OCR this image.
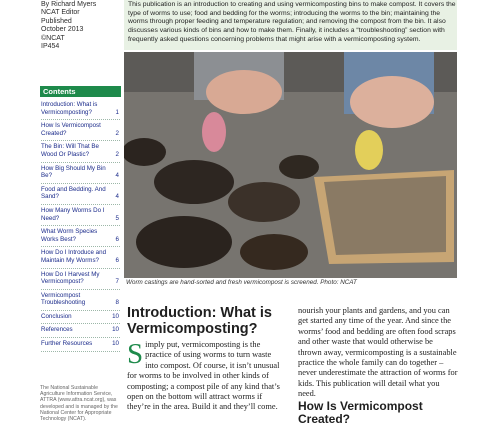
By Richard Myers
NCAT Editor
Published
October 2013
©NCAT
IP454
Contents
Introduction: What is Vermicomposting?	1
How Is Vermicompost Created?	2
The Bin: Will That Be Wood Or Plastic?	2
How Big Should My Bin Be?	4
Food and Bedding. And Sand?	4
How Many Worms Do I Need?	5
What Worm Species Works Best?	6
How Do I Introduce and Maintain My Worms?	6
How Do I Harvest My Vermicompost?	7
Vermicompost Troubleshooting	8
Conclusion	10
References	10
Further Resources	10
The National Sustainable Agriculture Information Service, ATTRA (www.attra.ncat.org), was developed and is managed by the National Center for Appropriate Technology (NCAT).

This publication is an introduction to creating and using vermicomposting bins to make compost. It covers the type of worms to use; food and bedding for the worms; introducing the worms to the bin; maintaining the worms through proper feeding and temperature regulation; and removing the compost from the bin. It also discusses various kinds of bins and how to make them. Finally, it includes a “troubleshooting” section with frequently asked questions concerning problems that might arise with a vermicomposting system.

Worm castings are hand-sorted and fresh vermicompost is screened. Photo: NCAT
Introduction: What is Vermicomposting?

Simply put, vermicomposting is the practice of using worms to turn waste into compost. Of course, it isn’t unusual for worms to be involved in other kinds of composting; a compost pile of any kind that’s open on the bottom will attract worms if they’re in the area. Build it and they’ll come.

nourish your plants and gardens, and you can get started any time of the year. And since the worms’ food and bedding are often food scraps and other waste that would otherwise be thrown away, vermicomposting is a sustainable practice the whole family can do together – never underestimate the attraction of worms for kids. This publication will detail what you need.

How Is Vermicompost Created?
